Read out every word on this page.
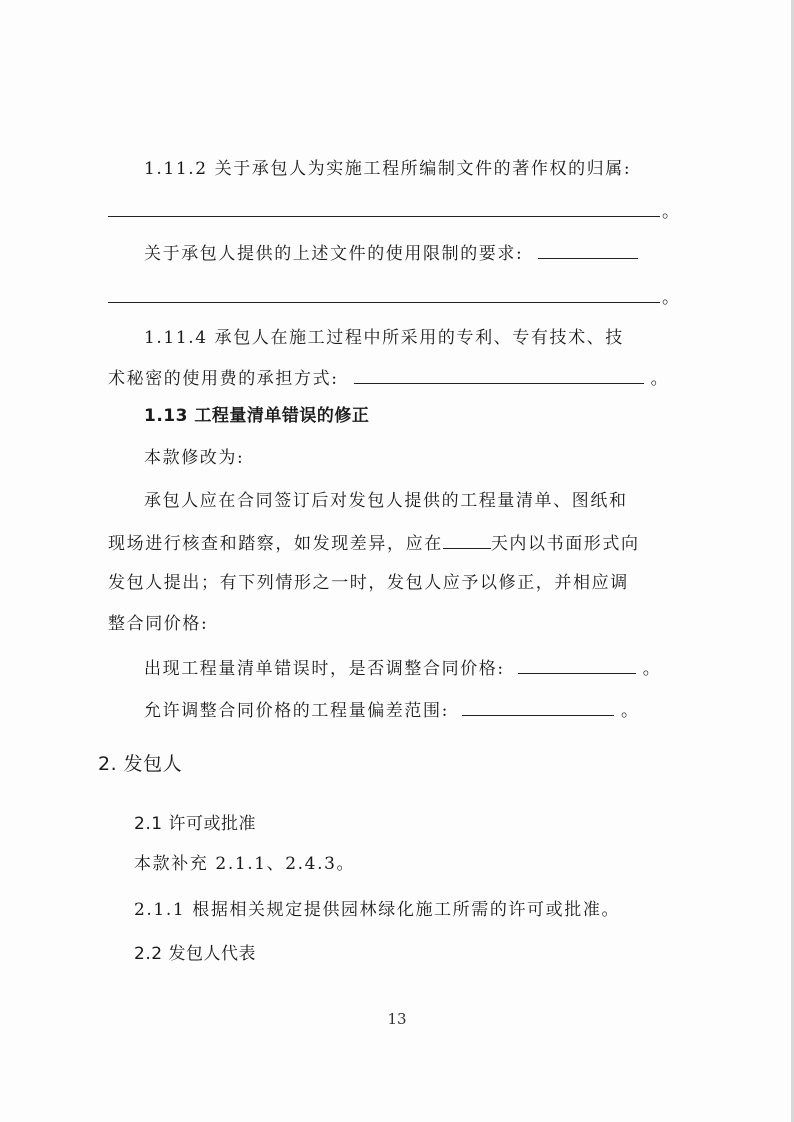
1.11.2 关于承包人为实施工程所编制文件的著作权的归属:
。
关于承包人提供的上述文件的使用限制的要求:
。
1.11.4 承包人在施工过程中所采用的专利、专有技术、技
术秘密的使用费的承担方式:	。
1.13 工程量清单错误的修正
本款修改为:
承包人应在合同签订后对发包人提供的工程量清单、图纸和
现场进行核查和踏察，如发现差异，应在	天内以书面形式向
发包人提出；有下列情形之一时，发包人应予以修正，并相应调
整合同价格:
出现工程量清单错误时，是否调整合同价格:	。
允许调整合同价格的工程量偏差范围:	。
2. 发包人
2.1 许可或批准
本款补充 2.1.1、2.4.3。
2.1.1 根据相关规定提供园林绿化施工所需的许可或批准。
2.2 发包人代表
13
